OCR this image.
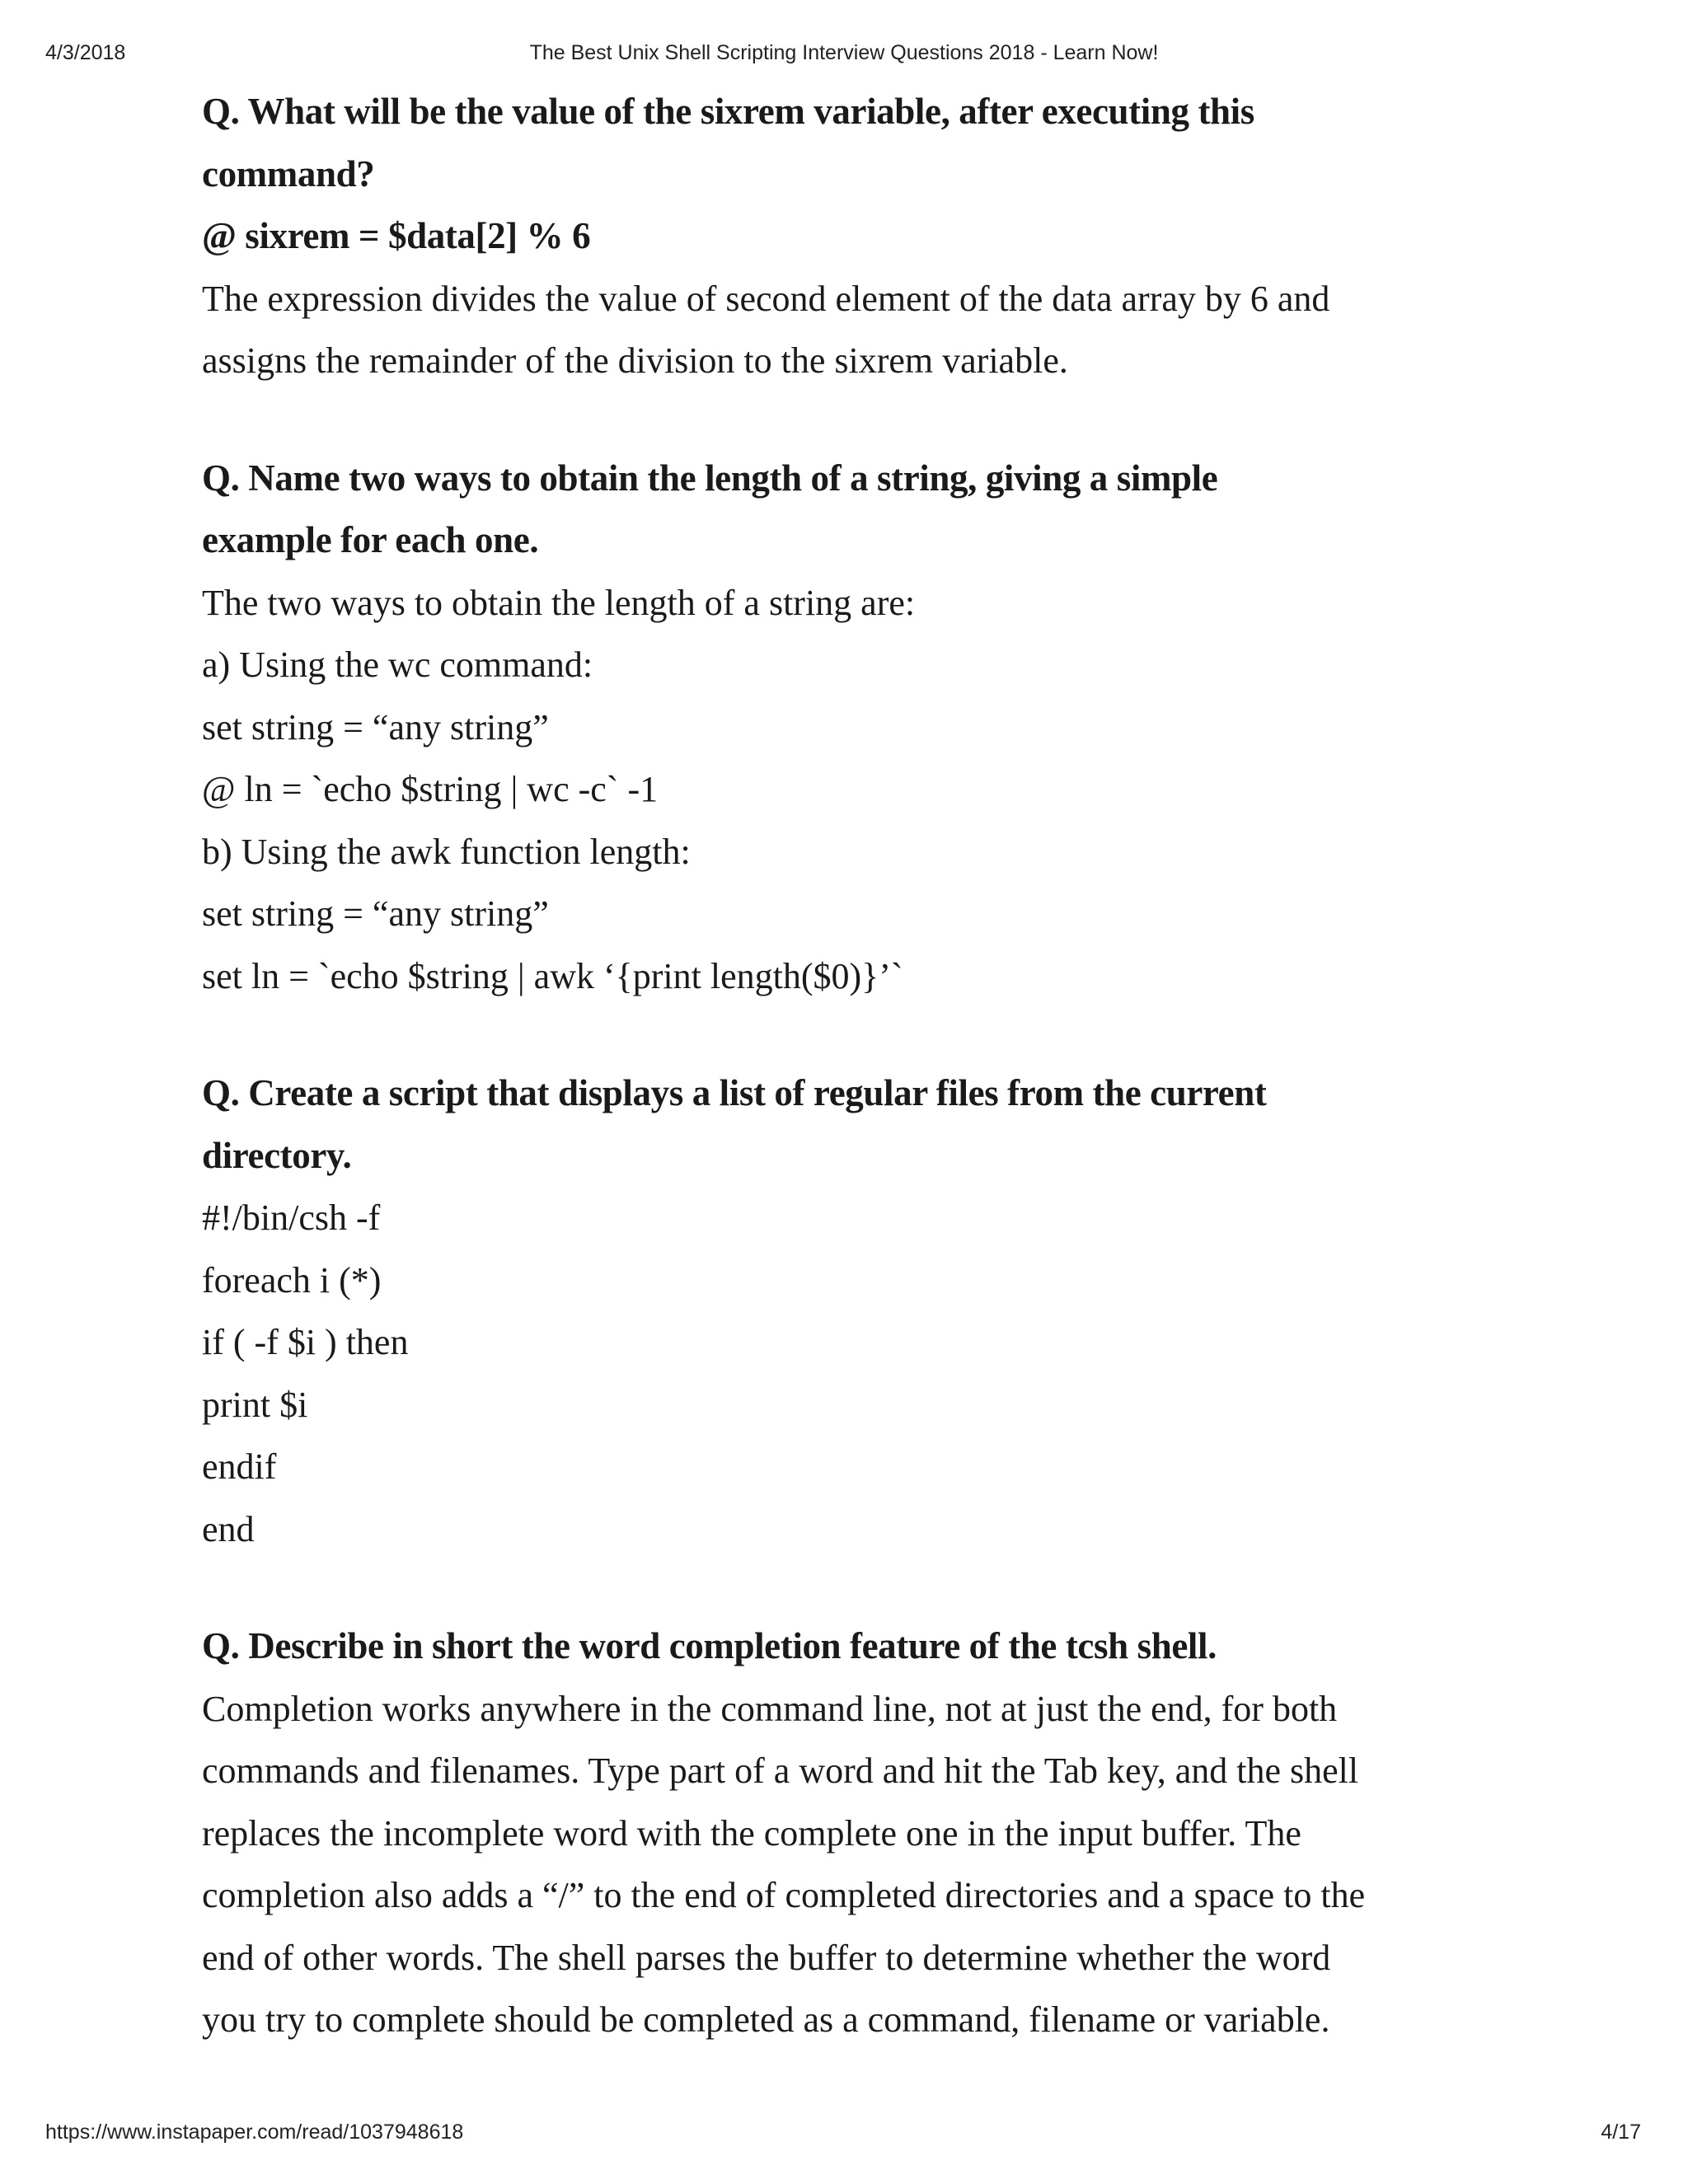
4/3/2018	The Best Unix Shell Scripting Interview Questions 2018 - Learn Now!

Q. What will be the value of the sixrem variable, after executing this

command?

@ sixrem = $data[2] % 6

The expression divides the value of second element of the data array by 6 and

assigns the remainder of the division to the sixrem variable.

Q. Name two ways to obtain the length of a string, giving a simple

example for each one.

The two ways to obtain the length of a string are:

a) Using the wc command:

set string = “any string”

@ ln = `echo $string | wc -c` -1

b) Using the awk function length:

set string = “any string”

set ln = `echo $string | awk ‘{print length($0)}’`

Q. Create a script that displays a list of regular files from the current

directory.

#!/bin/csh -f

foreach i (*)

if ( -f $i ) then

print $i

endif

end

Q. Describe in short the word completion feature of the tcsh shell.

Completion works anywhere in the command line, not at just the end, for both

commands and filenames. Type part of a word and hit the Tab key, and the shell

replaces the incomplete word with the complete one in the input buffer. The

completion also adds a “/” to the end of completed directories and a space to the

end of other words. The shell parses the buffer to determine whether the word

you try to complete should be completed as a command, filename or variable.

https://www.instapaper.com/read/1037948618	4/17
